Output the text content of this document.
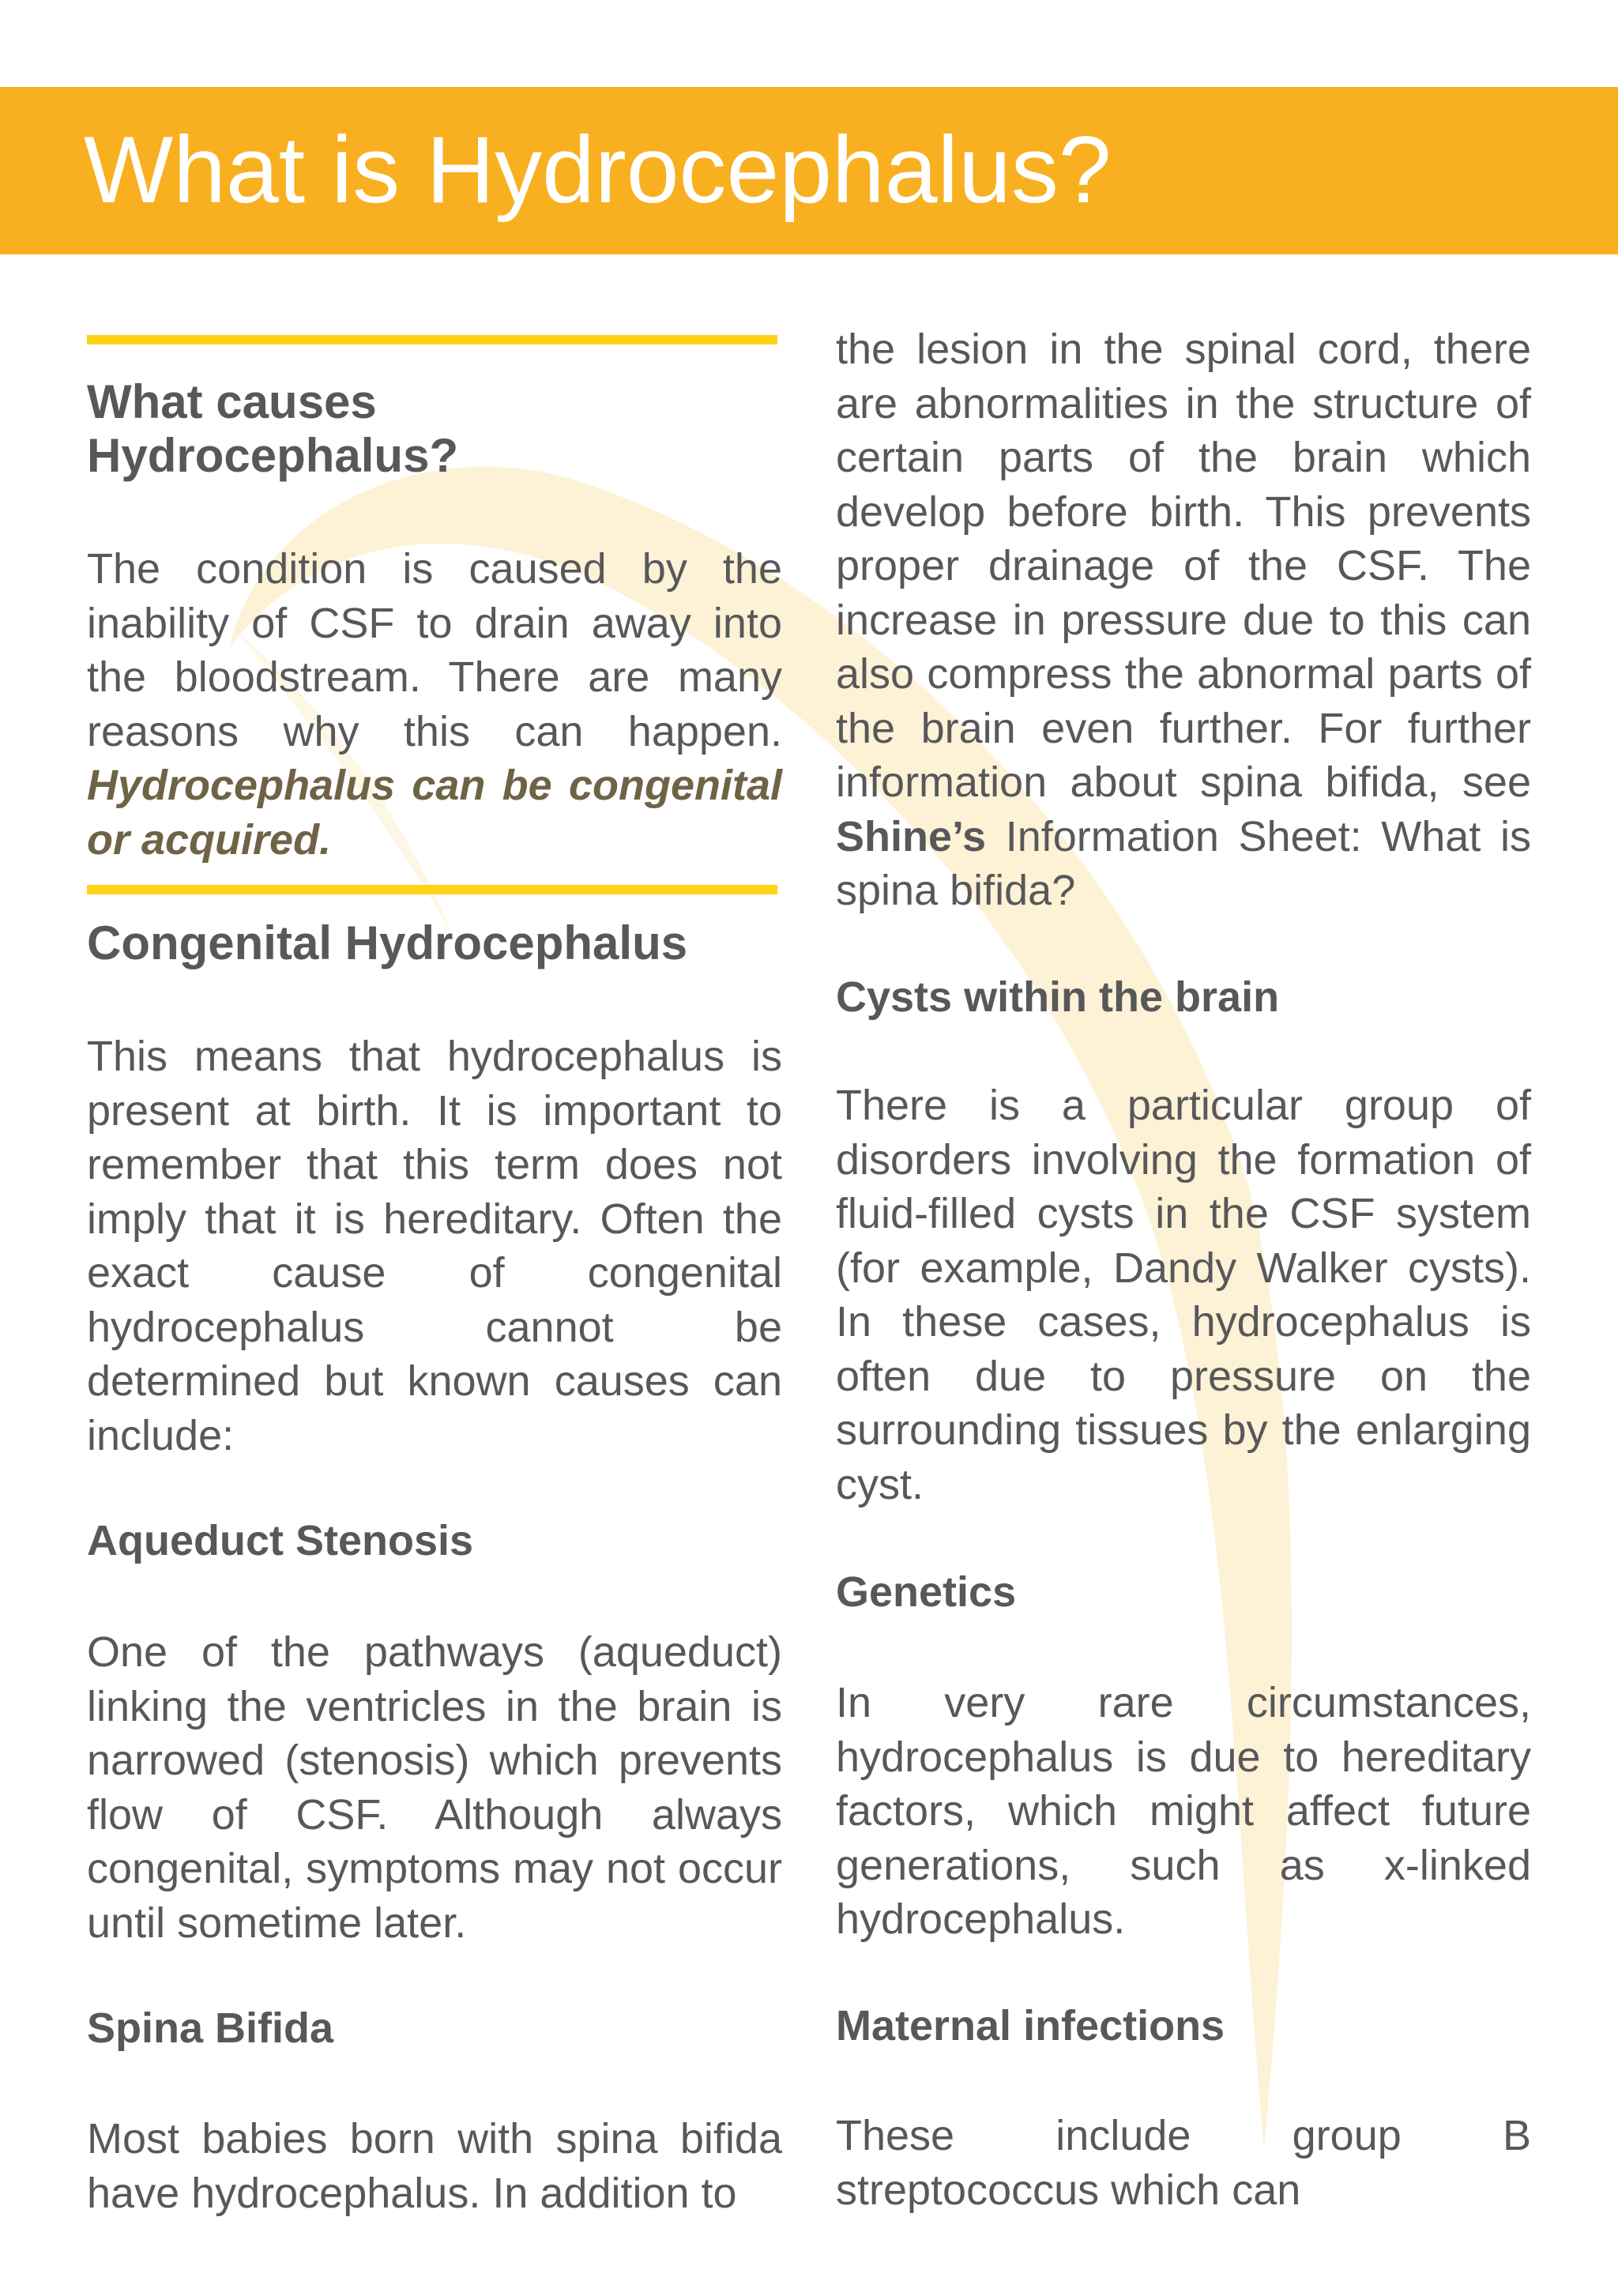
What is Hydrocephalus?
What causes
Hydrocephalus?

The condition is caused by the inability of CSF to drain away into the bloodstream. There are many reasons why this can happen. Hydrocephalus can be congenital or acquired.

Congenital Hydrocephalus

This means that hydrocephalus is present at birth. It is important to remember that this term does not imply that it is hereditary. Often the exact cause of congenital hydrocephalus cannot be determined but known causes can include:

Aqueduct Stenosis

One of the pathways (aqueduct) linking the ventricles in the brain is narrowed (stenosis) which prevents flow of CSF. Although always congenital, symptoms may not occur until sometime later.

Spina Bifida

Most babies born with spina bifida have hydrocephalus. In addition to

the lesion in the spinal cord, there are abnormalities in the structure of certain parts of the brain which develop before birth. This prevents proper drainage of the CSF. The increase in pressure due to this can also compress the abnormal parts of the brain even further. For further information about spina bifida, see Shine’s Information Sheet: What is spina bifida?

Cysts within the brain

There is a particular group of disorders involving the formation of fluid-filled cysts in the CSF system (for example, Dandy Walker cysts). In these cases, hydrocephalus is often due to pressure on the surrounding tissues by the enlarging cyst.

Genetics

In very rare circumstances, hydrocephalus is due to hereditary factors, which might affect future generations, such as x-linked hydrocephalus.

Maternal infections

These include group B streptococcus which can
